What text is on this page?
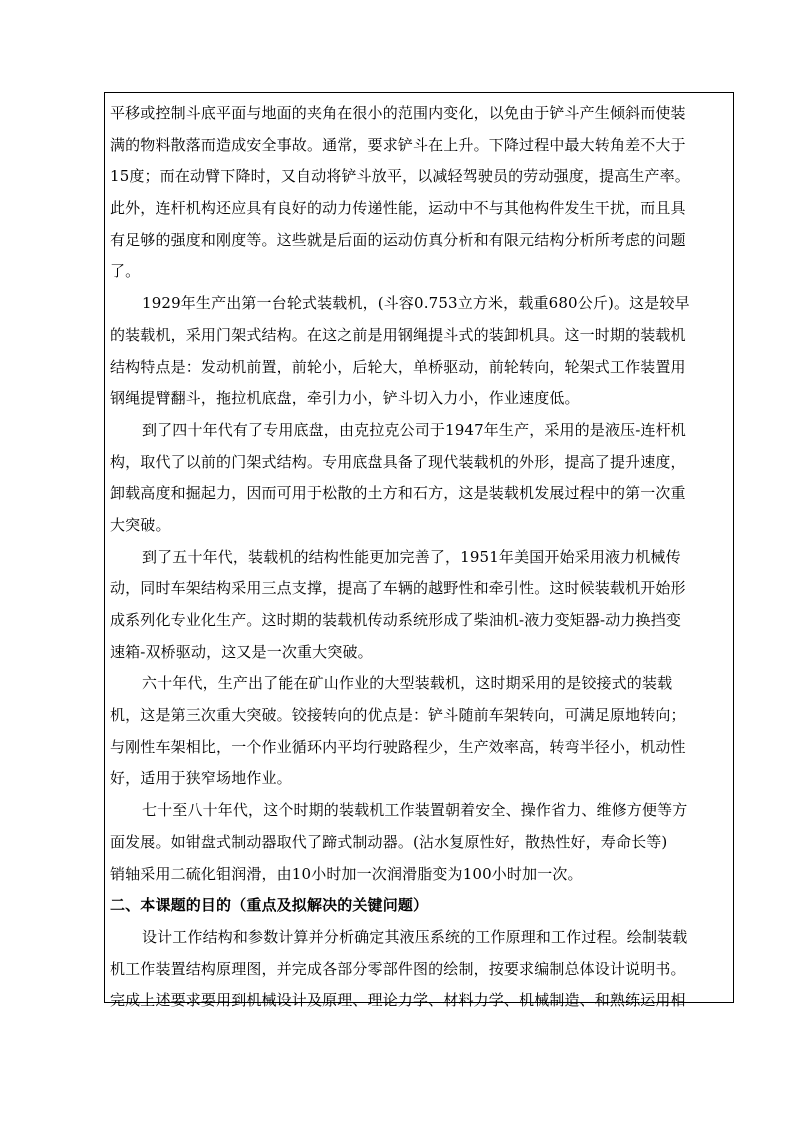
平移或控制斗底平面与地面的夹角在很小的范围内变化，以免由于铲斗产生倾斜而使装
满的物料散落而造成安全事故。通常，要求铲斗在上升。下降过程中最大转角差不大于
15度；而在动臂下降时，又自动将铲斗放平，以减轻驾驶员的劳动强度，提高生产率。
此外，连杆机构还应具有良好的动力传递性能，运动中不与其他构件发生干扰，而且具
有足够的强度和刚度等。这些就是后面的运动仿真分析和有限元结构分析所考虑的问题
了。
1929年生产出第一台轮式装载机，(斗容0.753立方米，载重680公斤)。这是较早
的装载机，采用门架式结构。在这之前是用钢绳提斗式的装卸机具。这一时期的装载机
结构特点是：发动机前置，前轮小，后轮大，单桥驱动，前轮转向，轮架式工作装置用
钢绳提臂翻斗，拖拉机底盘，牵引力小，铲斗切入力小，作业速度低。
到了四十年代有了专用底盘，由克拉克公司于1947年生产，采用的是液压-连杆机
构，取代了以前的门架式结构。专用底盘具备了现代装载机的外形，提高了提升速度，
卸载高度和掘起力，因而可用于松散的土方和石方，这是装载机发展过程中的第一次重
大突破。
到了五十年代，装载机的结构性能更加完善了，1951年美国开始采用液力机械传
动，同时车架结构采用三点支撑，提高了车辆的越野性和牵引性。这时候装载机开始形
成系列化专业化生产。这时期的装载机传动系统形成了柴油机-液力变矩器-动力换挡变
速箱-双桥驱动，这又是一次重大突破。
六十年代，生产出了能在矿山作业的大型装载机，这时期采用的是铰接式的装载
机，这是第三次重大突破。铰接转向的优点是：铲斗随前车架转向，可满足原地转向；
与刚性车架相比，一个作业循环内平均行驶路程少，生产效率高，转弯半径小，机动性
好，适用于狭窄场地作业。
七十至八十年代，这个时期的装载机工作装置朝着安全、操作省力、维修方便等方
面发展。如钳盘式制动器取代了蹄式制动器。(沾水复原性好，散热性好，寿命长等)
销轴采用二硫化钼润滑，由10小时加一次润滑脂变为100小时加一次。
二、本课题的目的（重点及拟解决的关键问题）
设计工作结构和参数计算并分析确定其液压系统的工作原理和工作过程。绘制装载
机工作装置结构原理图，并完成各部分零部件图的绘制，按要求编制总体设计说明书。
完成上述要求要用到机械设计及原理、理论力学、材料力学、机械制造、和熟练运用相
